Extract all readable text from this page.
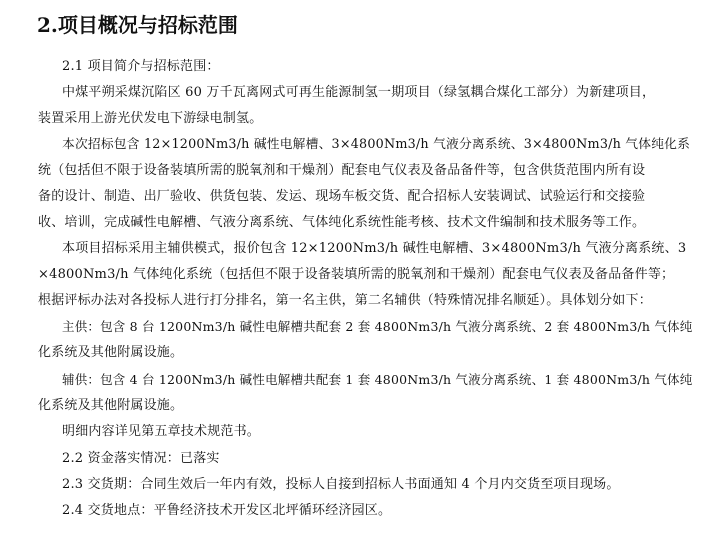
2.项目概况与招标范围
2.1 项目简介与招标范围：
中煤平朔采煤沉陷区 60 万千瓦离网式可再生能源制氢一期项目（绿氢耦合煤化工部分）为新建项目，
装置采用上游光伏发电下游绿电制氢。
本次招标包含 12×1200Nm3/h 碱性电解槽、3×4800Nm3/h 气液分离系统、3×4800Nm3/h 气体纯化系
统（包括但不限于设备装填所需的脱氧剂和干燥剂）配套电气仪表及备品备件等，包含供货范围内所有设
备的设计、制造、出厂验收、供货包装、发运、现场车板交货、配合招标人安装调试、试验运行和交接验
收、培训，完成碱性电解槽、气液分离系统、气体纯化系统性能考核、技术文件编制和技术服务等工作。
本项目招标采用主辅供模式，报价包含 12×1200Nm3/h 碱性电解槽、3×4800Nm3/h 气液分离系统、3
×4800Nm3/h 气体纯化系统（包括但不限于设备装填所需的脱氧剂和干燥剂）配套电气仪表及备品备件等；
根据评标办法对各投标人进行打分排名，第一名主供，第二名辅供（特殊情况排名顺延）。具体划分如下：
主供：包含 8 台 1200Nm3/h 碱性电解槽共配套 2 套 4800Nm3/h 气液分离系统、2 套 4800Nm3/h 气体纯
化系统及其他附属设施。
辅供：包含 4 台 1200Nm3/h 碱性电解槽共配套 1 套 4800Nm3/h 气液分离系统、1 套 4800Nm3/h 气体纯
化系统及其他附属设施。
明细内容详见第五章技术规范书。
2.2 资金落实情况：已落实
2.3 交货期：合同生效后一年内有效，投标人自接到招标人书面通知 4 个月内交货至项目现场。
2.4 交货地点：平鲁经济技术开发区北坪循环经济园区。
